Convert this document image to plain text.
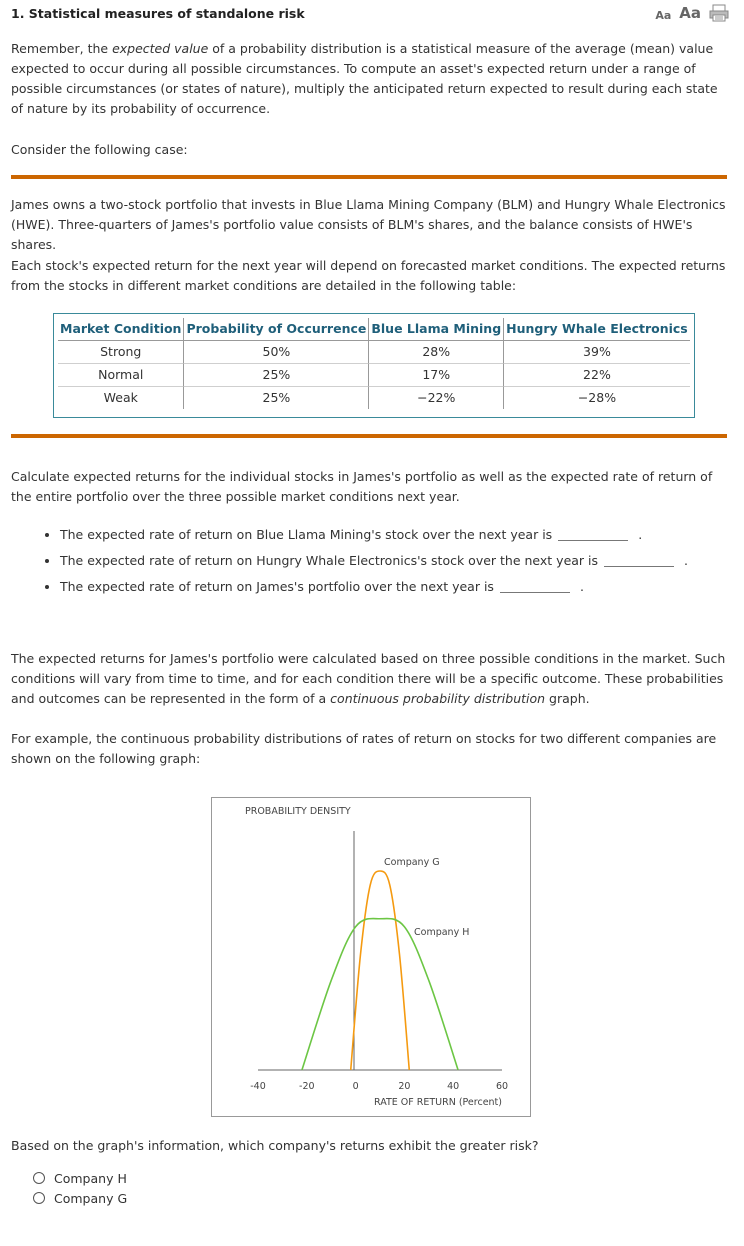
1. Statistical measures of standalone risk	Aa Aa

Remember, the expected value of a probability distribution is a statistical measure of the average (mean) value expected to occur during all possible circumstances. To compute an asset's expected return under a range of possible circumstances (or states of nature), multiply the anticipated return expected to result during each state of nature by its probability of occurrence.

Consider the following case:

James owns a two-stock portfolio that invests in Blue Llama Mining Company (BLM) and Hungry Whale Electronics (HWE). Three-quarters of James's portfolio value consists of BLM's shares, and the balance consists of HWE's shares.

Each stock's expected return for the next year will depend on forecasted market conditions. The expected returns from the stocks in different market conditions are detailed in the following table:

Market Condition	Probability of Occurrence	Blue Llama Mining	Hungry Whale Electronics
Strong	50%	28%	39%
Normal	25%	17%	22%
Weak	25%	−22%	−28%

Calculate expected returns for the individual stocks in James's portfolio as well as the expected rate of return of the entire portfolio over the three possible market conditions next year.

• The expected rate of return on Blue Llama Mining's stock over the next year is	.
• The expected rate of return on Hungry Whale Electronics's stock over the next year is	.
• The expected rate of return on James's portfolio over the next year is	.

The expected returns for James's portfolio were calculated based on three possible conditions in the market. Such conditions will vary from time to time, and for each condition there will be a specific outcome. These probabilities and outcomes can be represented in the form of a continuous probability distribution graph.

For example, the continuous probability distributions of rates of return on stocks for two different companies are shown on the following graph:

PROBABILITY DENSITY
-40	-20	0	20	40	60
Company G
Company H
RATE OF RETURN (Percent)

Based on the graph's information, which company's returns exhibit the greater risk?

Company H
Company G
